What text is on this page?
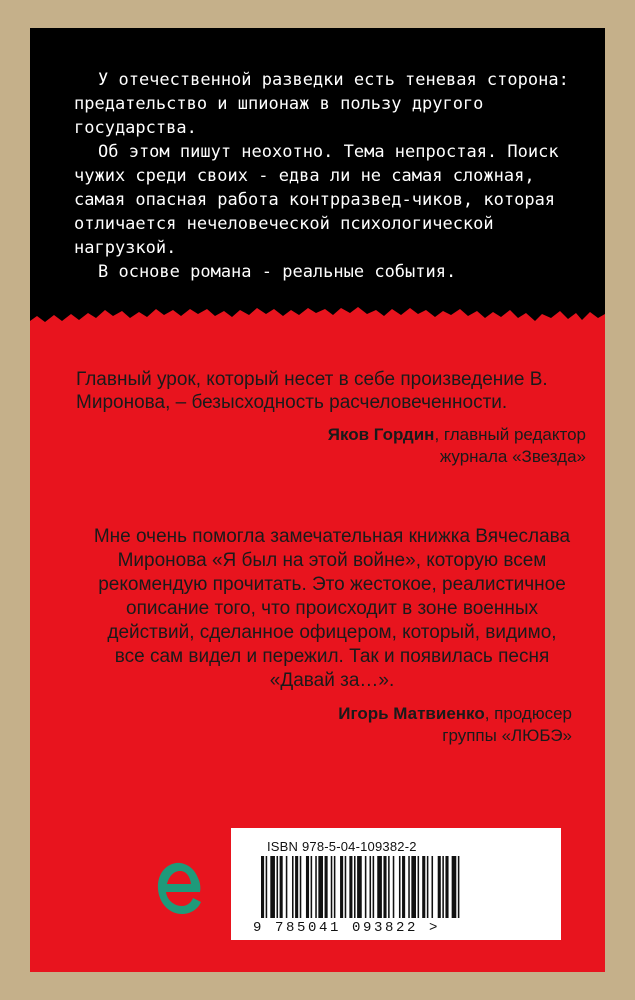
У отечественной разведки есть теневая сторона: предательство и шпионаж в пользу другого государства.

Об этом пишут неохотно. Тема непростая. Поиск чужих среди своих - едва ли не самая сложная, самая опасная работа контрразвед-чиков, которая отличается нечеловеческой психологической нагрузкой.

В основе романа - реальные события.

Главный урок, который несет в себе произведение В. Миронова, – безысходность расчеловеченности.
Яков Гордин, главный редактор
журнала «Звезда»
Мне очень помогла замечательная книжка Вячеслава Миронова «Я был на этой войне», которую всем рекомендую прочитать. Это жестокое, реалистичное описание того, что происходит в зоне военных действий, сделанное офицером, который, видимо, все сам видел и пережил. Так и появилась песня «Давай за…».
Игорь Матвиенко, продюсер
группы «ЛЮБЭ»
ISBN 978-5-04-109382-2
9 785041 093822 >
